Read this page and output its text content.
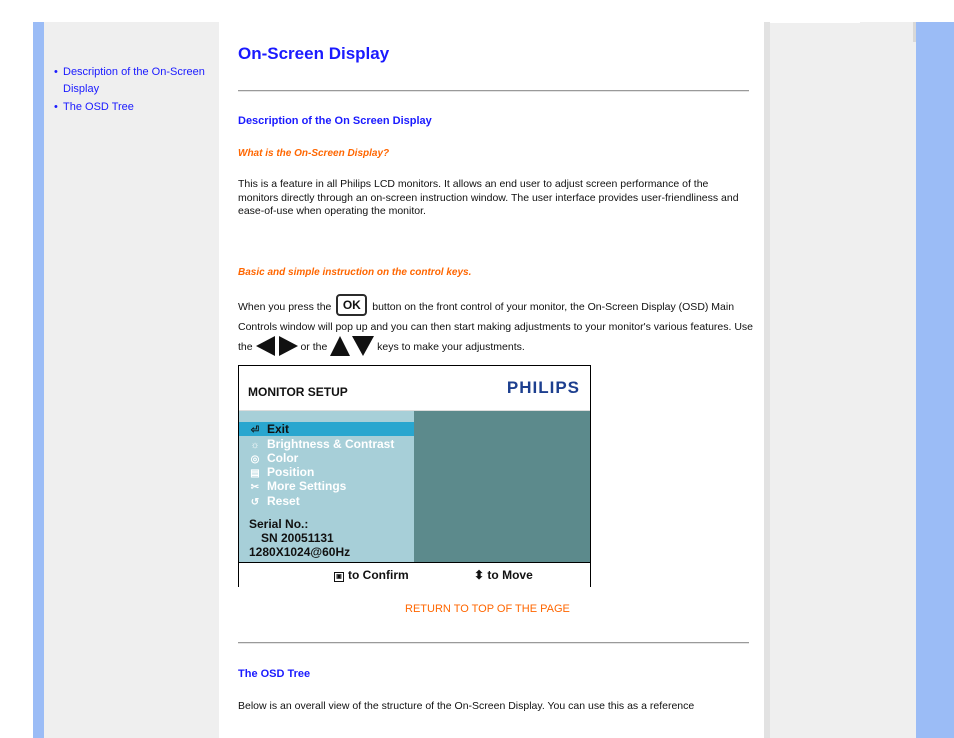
• Description of the On-Screen Display
• The OSD Tree
On-Screen Display
Description of the On Screen Display
What is the On-Screen Display?

This is a feature in all Philips LCD monitors. It allows an end user to adjust screen performance of the monitors directly through an on-screen instruction window. The user interface provides user-friendliness and ease-of-use when operating the monitor.

Basic and simple instruction on the control keys.

When you press the OK button on the front control of your monitor, the On-Screen Display (OSD) Main Controls window will pop up and you can then start making adjustments to your monitor's various features. Use the	or the	keys to make your adjustments.

MONITOR SETUP	PHILIPS
⏎ Exit
☼ Brightness & Contrast
◎ Color
▤ Position
✂ More Settings
↺ Reset
Serial No.:
SN 20051131
1280X1024@60Hz
▣ to Confirm	⬍ to Move
RETURN TO TOP OF THE PAGE
The OSD Tree

Below is an overall view of the structure of the On-Screen Display. You can use this as a reference
